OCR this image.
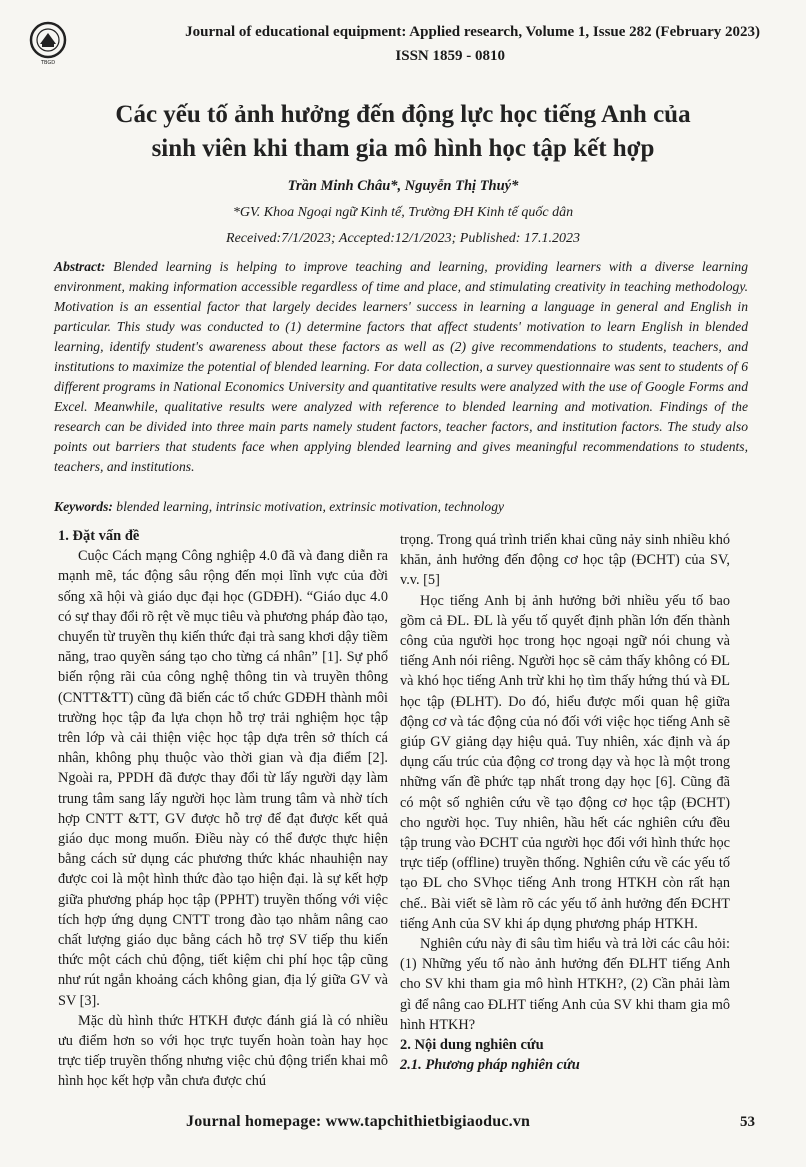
TBGD
Journal of educational equipment: Applied research, Volume 1, Issue 282 (February 2023)
ISSN 1859 - 0810
Các yếu tố ảnh hưởng đến động lực học tiếng Anh của
sinh viên khi tham gia mô hình học tập kết hợp
Trần Minh Châu*, Nguyễn Thị Thuý*
*GV. Khoa Ngoại ngữ Kinh tế, Trường ĐH Kinh tế quốc dân
Received:7/1/2023; Accepted:12/1/2023; Published: 17.1.2023
Abstract: Blended learning is helping to improve teaching and learning, providing learners with a diverse learning environment, making information accessible regardless of time and place, and stimulating creativity in teaching methodology. Motivation is an essential factor that largely decides learners' success in learning a language in general and English in particular. This study was conducted to (1) determine factors that affect students' motivation to learn English in blended learning, identify student's awareness about these factors as well as (2) give recommendations to students, teachers, and institutions to maximize the potential of blended learning. For data collection, a survey questionnaire was sent to students of 6 different programs in National Economics University and quantitative results were analyzed with the use of Google Forms and Excel. Meanwhile, qualitative results were analyzed with reference to blended learning and motivation. Findings of the research can be divided into three main parts namely student factors, teacher factors, and institution factors. The study also points out barriers that students face when applying blended learning and gives meaningful recommendations to students, teachers, and institutions.
Keywords: blended learning, intrinsic motivation, extrinsic motivation, technology

1. Đặt vấn đề

Cuộc Cách mạng Công nghiệp 4.0 đã và đang diễn ra mạnh mẽ, tác động sâu rộng đến mọi lĩnh vực của đời sống xã hội và giáo dục đại học (GDĐH). “Giáo dục 4.0 có sự thay đổi rõ rệt về mục tiêu và phương pháp đào tạo, chuyển từ truyền thụ kiến thức đại trà sang khơi dậy tiềm năng, trao quyền sáng tạo cho từng cá nhân” [1]. Sự phổ biến rộng rãi của công nghệ thông tin và truyền thông (CNTT&TT) cũng đã biến các tổ chức GDĐH thành môi trường học tập đa lựa chọn hỗ trợ trải nghiệm học tập trên lớp và cải thiện việc học tập dựa trên sở thích cá nhân, không phụ thuộc vào thời gian và địa điểm [2]. Ngoài ra, PPDH đã được thay đổi từ lấy người dạy làm trung tâm sang lấy người học làm trung tâm và nhờ tích hợp CNTT &TT, GV được hỗ trợ để đạt được kết quả giáo dục mong muốn. Điều này có thể được thực hiện bằng cách sử dụng các phương thức khác nhauhiện nay được coi là một hình thức đào tạo hiện đại. là sự kết hợp giữa phương pháp học tập (PPHT) truyền thống với việc tích hợp ứng dụng CNTT trong đào tạo nhằm nâng cao chất lượng giáo dục bằng cách hỗ trợ SV tiếp thu kiến thức một cách chủ động, tiết kiệm chi phí học tập cũng như rút ngắn khoảng cách không gian, địa lý giữa GV và SV [3].

Mặc dù hình thức HTKH được đánh giá là có nhiều ưu điểm hơn so với học trực tuyến hoàn toàn hay học trực tiếp truyền thống nhưng việc chủ động triển khai mô hình học kết hợp vẫn chưa được chú

trọng. Trong quá trình triển khai cũng nảy sinh nhiều khó khăn, ảnh hưởng đến động cơ học tập (ĐCHT) của SV, v.v. [5]

Học tiếng Anh bị ảnh hưởng bởi nhiều yếu tố bao gồm cả ĐL. ĐL là yếu tố quyết định phần lớn đến thành công của người học trong học ngoại ngữ nói chung và tiếng Anh nói riêng. Người học sẽ cảm thấy không có ĐL và khó học tiếng Anh trừ khi họ tìm thấy hứng thú và ĐL học tập (ĐLHT). Do đó, hiểu được mối quan hệ giữa động cơ và tác động của nó đối với việc học tiếng Anh sẽ giúp GV giảng dạy hiệu quả. Tuy nhiên, xác định và áp dụng cấu trúc của động cơ trong dạy và học là một trong những vấn đề phức tạp nhất trong dạy học [6]. Cũng đã có một số nghiên cứu về tạo động cơ học tập (ĐCHT) cho người học. Tuy nhiên, hầu hết các nghiên cứu đều tập trung vào ĐCHT của người học đối với hình thức học trực tiếp (offline) truyền thống. Nghiên cứu về các yếu tố tạo ĐL cho SVhọc tiếng Anh trong HTKH còn rất hạn chế.. Bài viết sẽ làm rõ các yếu tố ảnh hưởng đến ĐCHT tiếng Anh của SV khi áp dụng phương pháp HTKH.

Nghiên cứu này đi sâu tìm hiểu và trả lời các câu hỏi: (1) Những yếu tố nào ảnh hưởng đến ĐLHT tiếng Anh cho SV khi tham gia mô hình HTKH?, (2) Cần phải làm gì để nâng cao ĐLHT tiếng Anh của SV khi tham gia mô hình HTKH?

2. Nội dung nghiên cứu

2.1. Phương pháp nghiên cứu

Journal homepage: www.tapchithietbigiaoduc.vn	53
